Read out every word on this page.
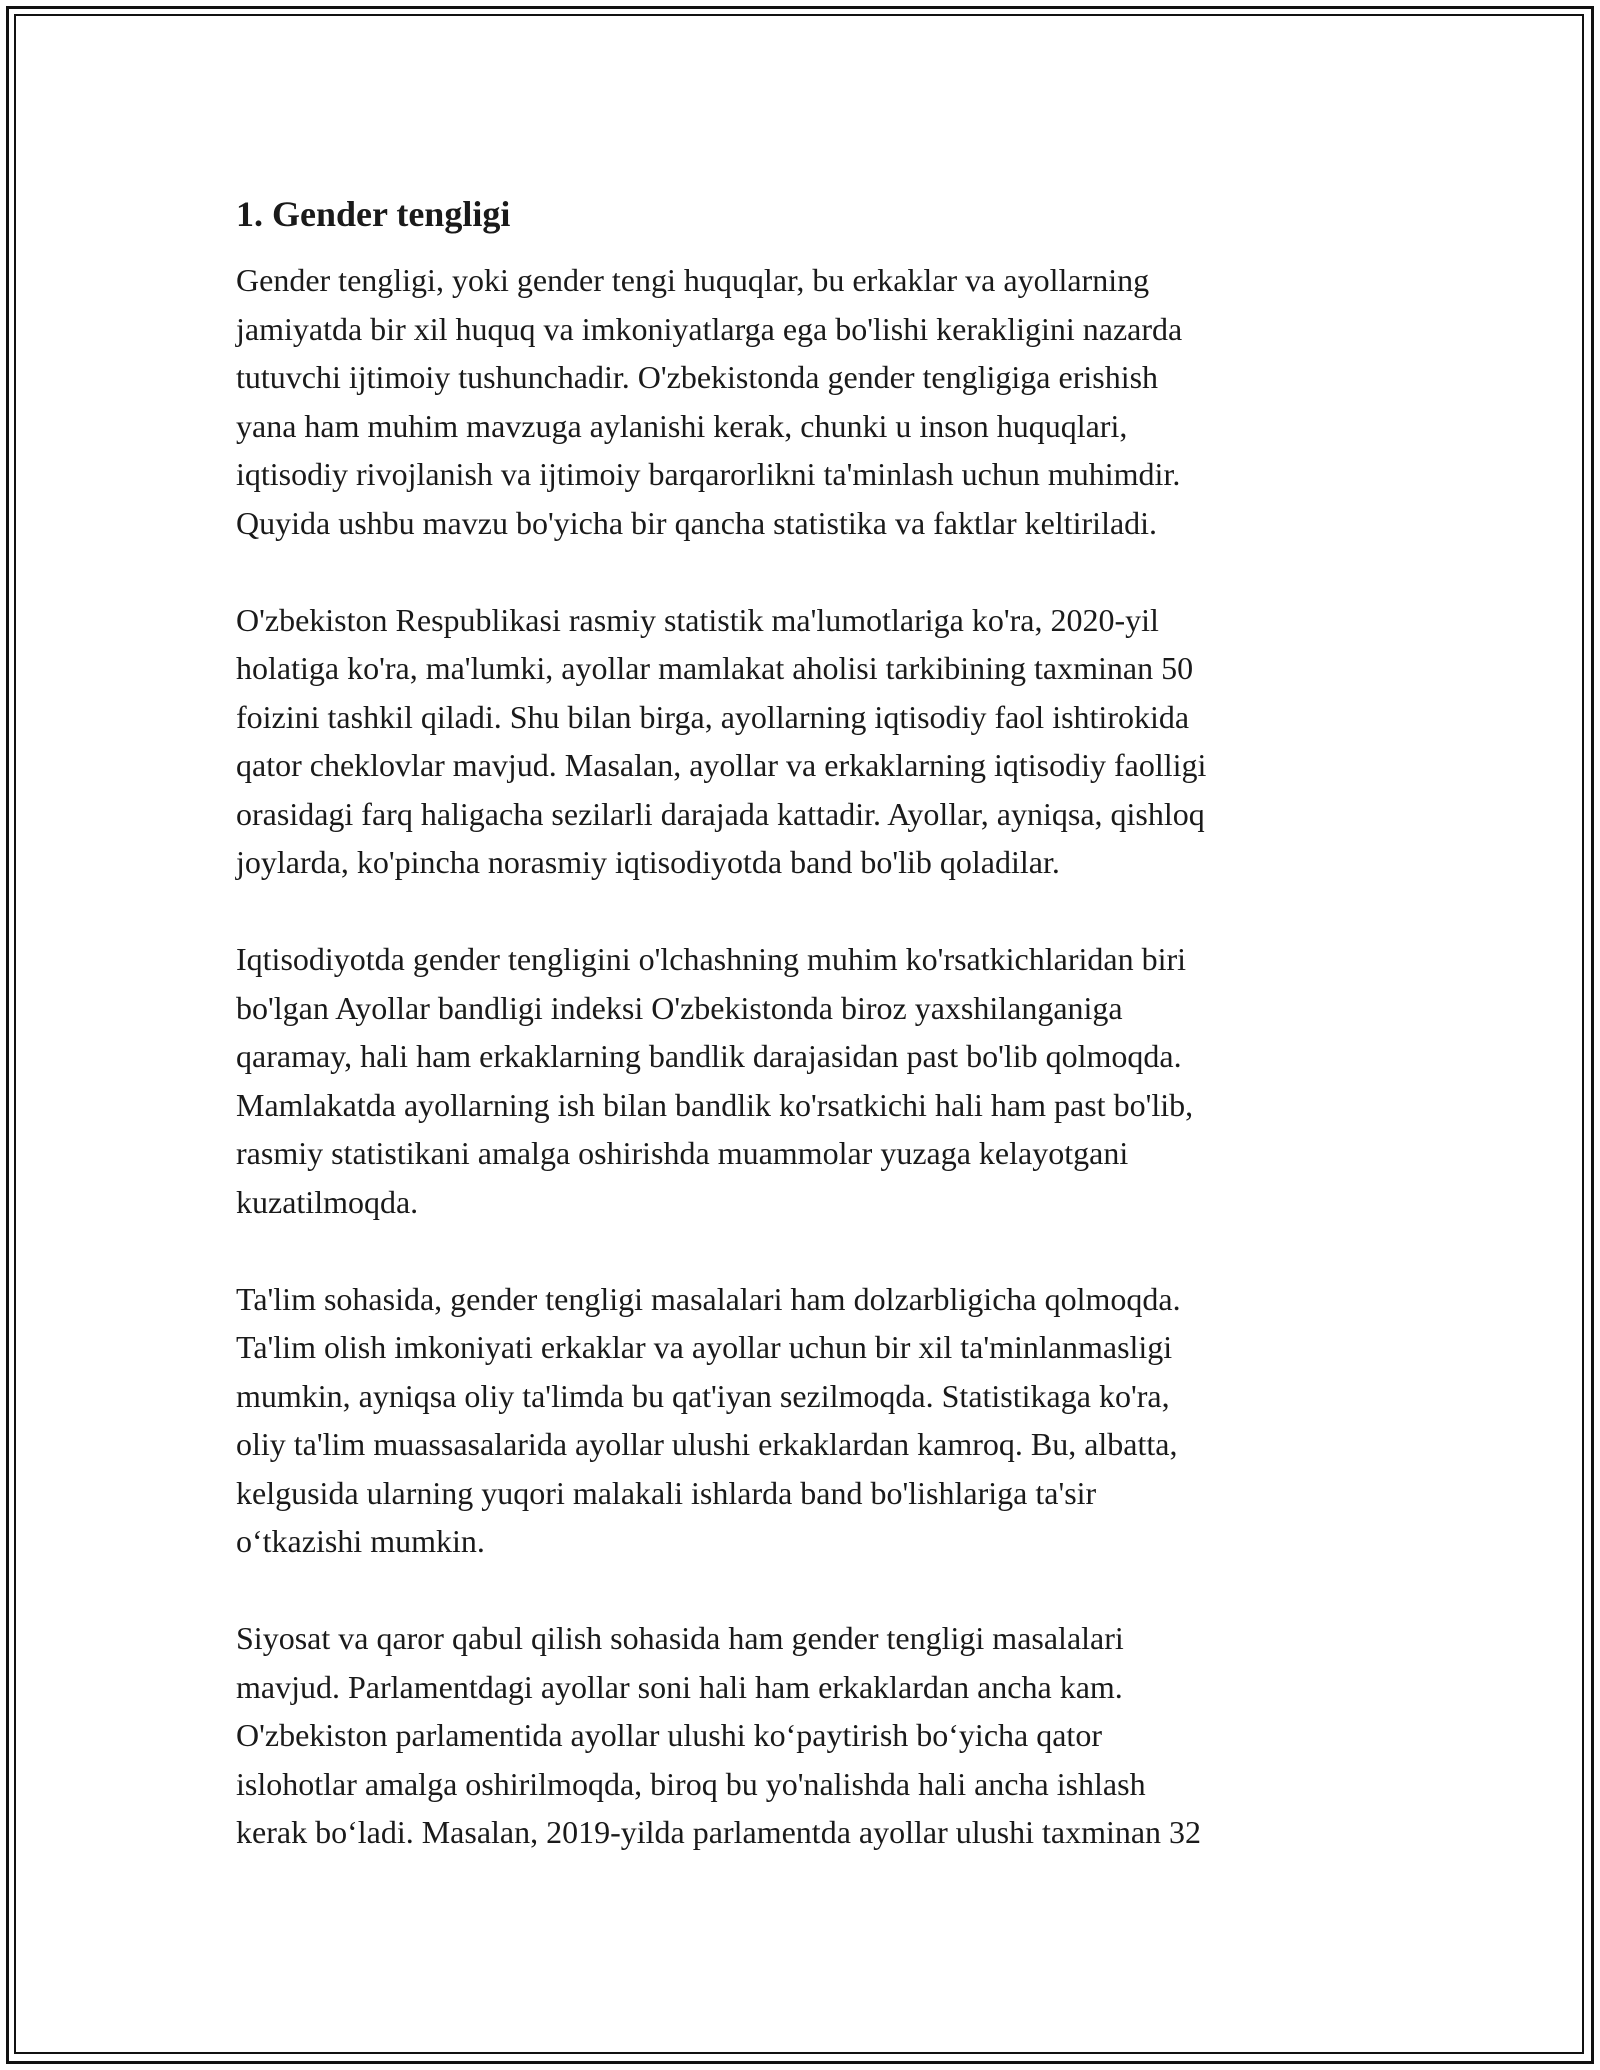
1. Gender tengligi

Gender tengligi, yoki gender tengi huquqlar, bu erkaklar va ayollarning
jamiyatda bir xil huquq va imkoniyatlarga ega bo'lishi kerakligini nazarda
tutuvchi ijtimoiy tushunchadir. O'zbekistonda gender tengligiga erishish
yana ham muhim mavzuga aylanishi kerak, chunki u inson huquqlari,
iqtisodiy rivojlanish va ijtimoiy barqarorlikni ta'minlash uchun muhimdir.
Quyida ushbu mavzu bo'yicha bir qancha statistika va faktlar keltiriladi.

O'zbekiston Respublikasi rasmiy statistik ma'lumotlariga ko'ra, 2020-yil
holatiga ko'ra, ma'lumki, ayollar mamlakat aholisi tarkibining taxminan 50
foizini tashkil qiladi. Shu bilan birga, ayollarning iqtisodiy faol ishtirokida
qator cheklovlar mavjud. Masalan, ayollar va erkaklarning iqtisodiy faolligi
orasidagi farq haligacha sezilarli darajada kattadir. Ayollar, ayniqsa, qishloq
joylarda, ko'pincha norasmiy iqtisodiyotda band bo'lib qoladilar.

Iqtisodiyotda gender tengligini o'lchashning muhim ko'rsatkichlaridan biri
bo'lgan Ayollar bandligi indeksi O'zbekistonda biroz yaxshilanganiga
qaramay, hali ham erkaklarning bandlik darajasidan past bo'lib qolmoqda.
Mamlakatda ayollarning ish bilan bandlik ko'rsatkichi hali ham past bo'lib,
rasmiy statistikani amalga oshirishda muammolar yuzaga kelayotgani
kuzatilmoqda.

Ta'lim sohasida, gender tengligi masalalari ham dolzarbligicha qolmoqda.
Ta'lim olish imkoniyati erkaklar va ayollar uchun bir xil ta'minlanmasligi
mumkin, ayniqsa oliy ta'limda bu qat'iyan sezilmoqda. Statistikaga ko'ra,
oliy ta'lim muassasalarida ayollar ulushi erkaklardan kamroq. Bu, albatta,
kelgusida ularning yuqori malakali ishlarda band bo'lishlariga ta'sir
o‘tkazishi mumkin.

Siyosat va qaror qabul qilish sohasida ham gender tengligi masalalari
mavjud. Parlamentdagi ayollar soni hali ham erkaklardan ancha kam.
O'zbekiston parlamentida ayollar ulushi ko‘paytirish bo‘yicha qator
islohotlar amalga oshirilmoqda, biroq bu yo'nalishda hali ancha ishlash
kerak bo‘ladi. Masalan, 2019-yilda parlamentda ayollar ulushi taxminan 32
